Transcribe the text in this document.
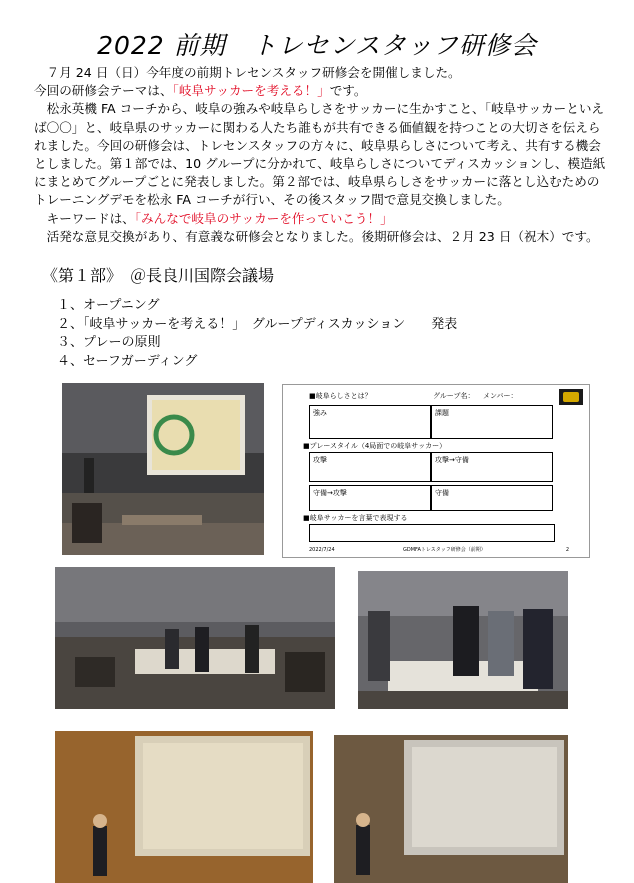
2022 前期　トレセンスタッフ研修会

７月 24 日（日）今年度の前期トレセンスタッフ研修会を開催しました。

今回の研修会テーマは、「岐阜サッカーを考える！」です。

松永英機 FA コーチから、岐阜の強みや岐阜らしさをサッカーに生かすこと、「岐阜サッカーといえば〇〇」と、岐阜県のサッカーに関わる人たち誰もが共有できる価値観を持つことの大切さを伝えられました。今回の研修会は、トレセンスタッフの方々に、岐阜県らしさについて考え、共有する機会としました。第１部では、10 グループに分かれて、岐阜らしさについてディスカッションし、模造紙にまとめてグループごとに発表しました。第２部では、岐阜県らしさをサッカーに落とし込むためのトレーニングデモを松永 FA コーチが行い、その後スタッフ間で意見交換しました。

キーワードは、「みんなで岐阜のサッカーを作っていこう！」

活発な意見交換があり、有意義な研修会となりました。後期研修会は、２月 23 日（祝木）です。

《第１部》　＠長良川国際会議場
１、オープニング
２、「岐阜サッカーを考える！」　グループディスカッション　　発表
３、プレーの原則
４、セーフガーディング
■岐阜らしさとは？	グループ名： メンバー：
強み	課題
■プレースタイル（4局面での岐阜サッカー）
攻撃	攻撃→守備
守備→攻撃	守備
■岐阜サッカーを言葉で表現する
2022/7/24	GDMFAトレスタッフ研修会（前期）	2
